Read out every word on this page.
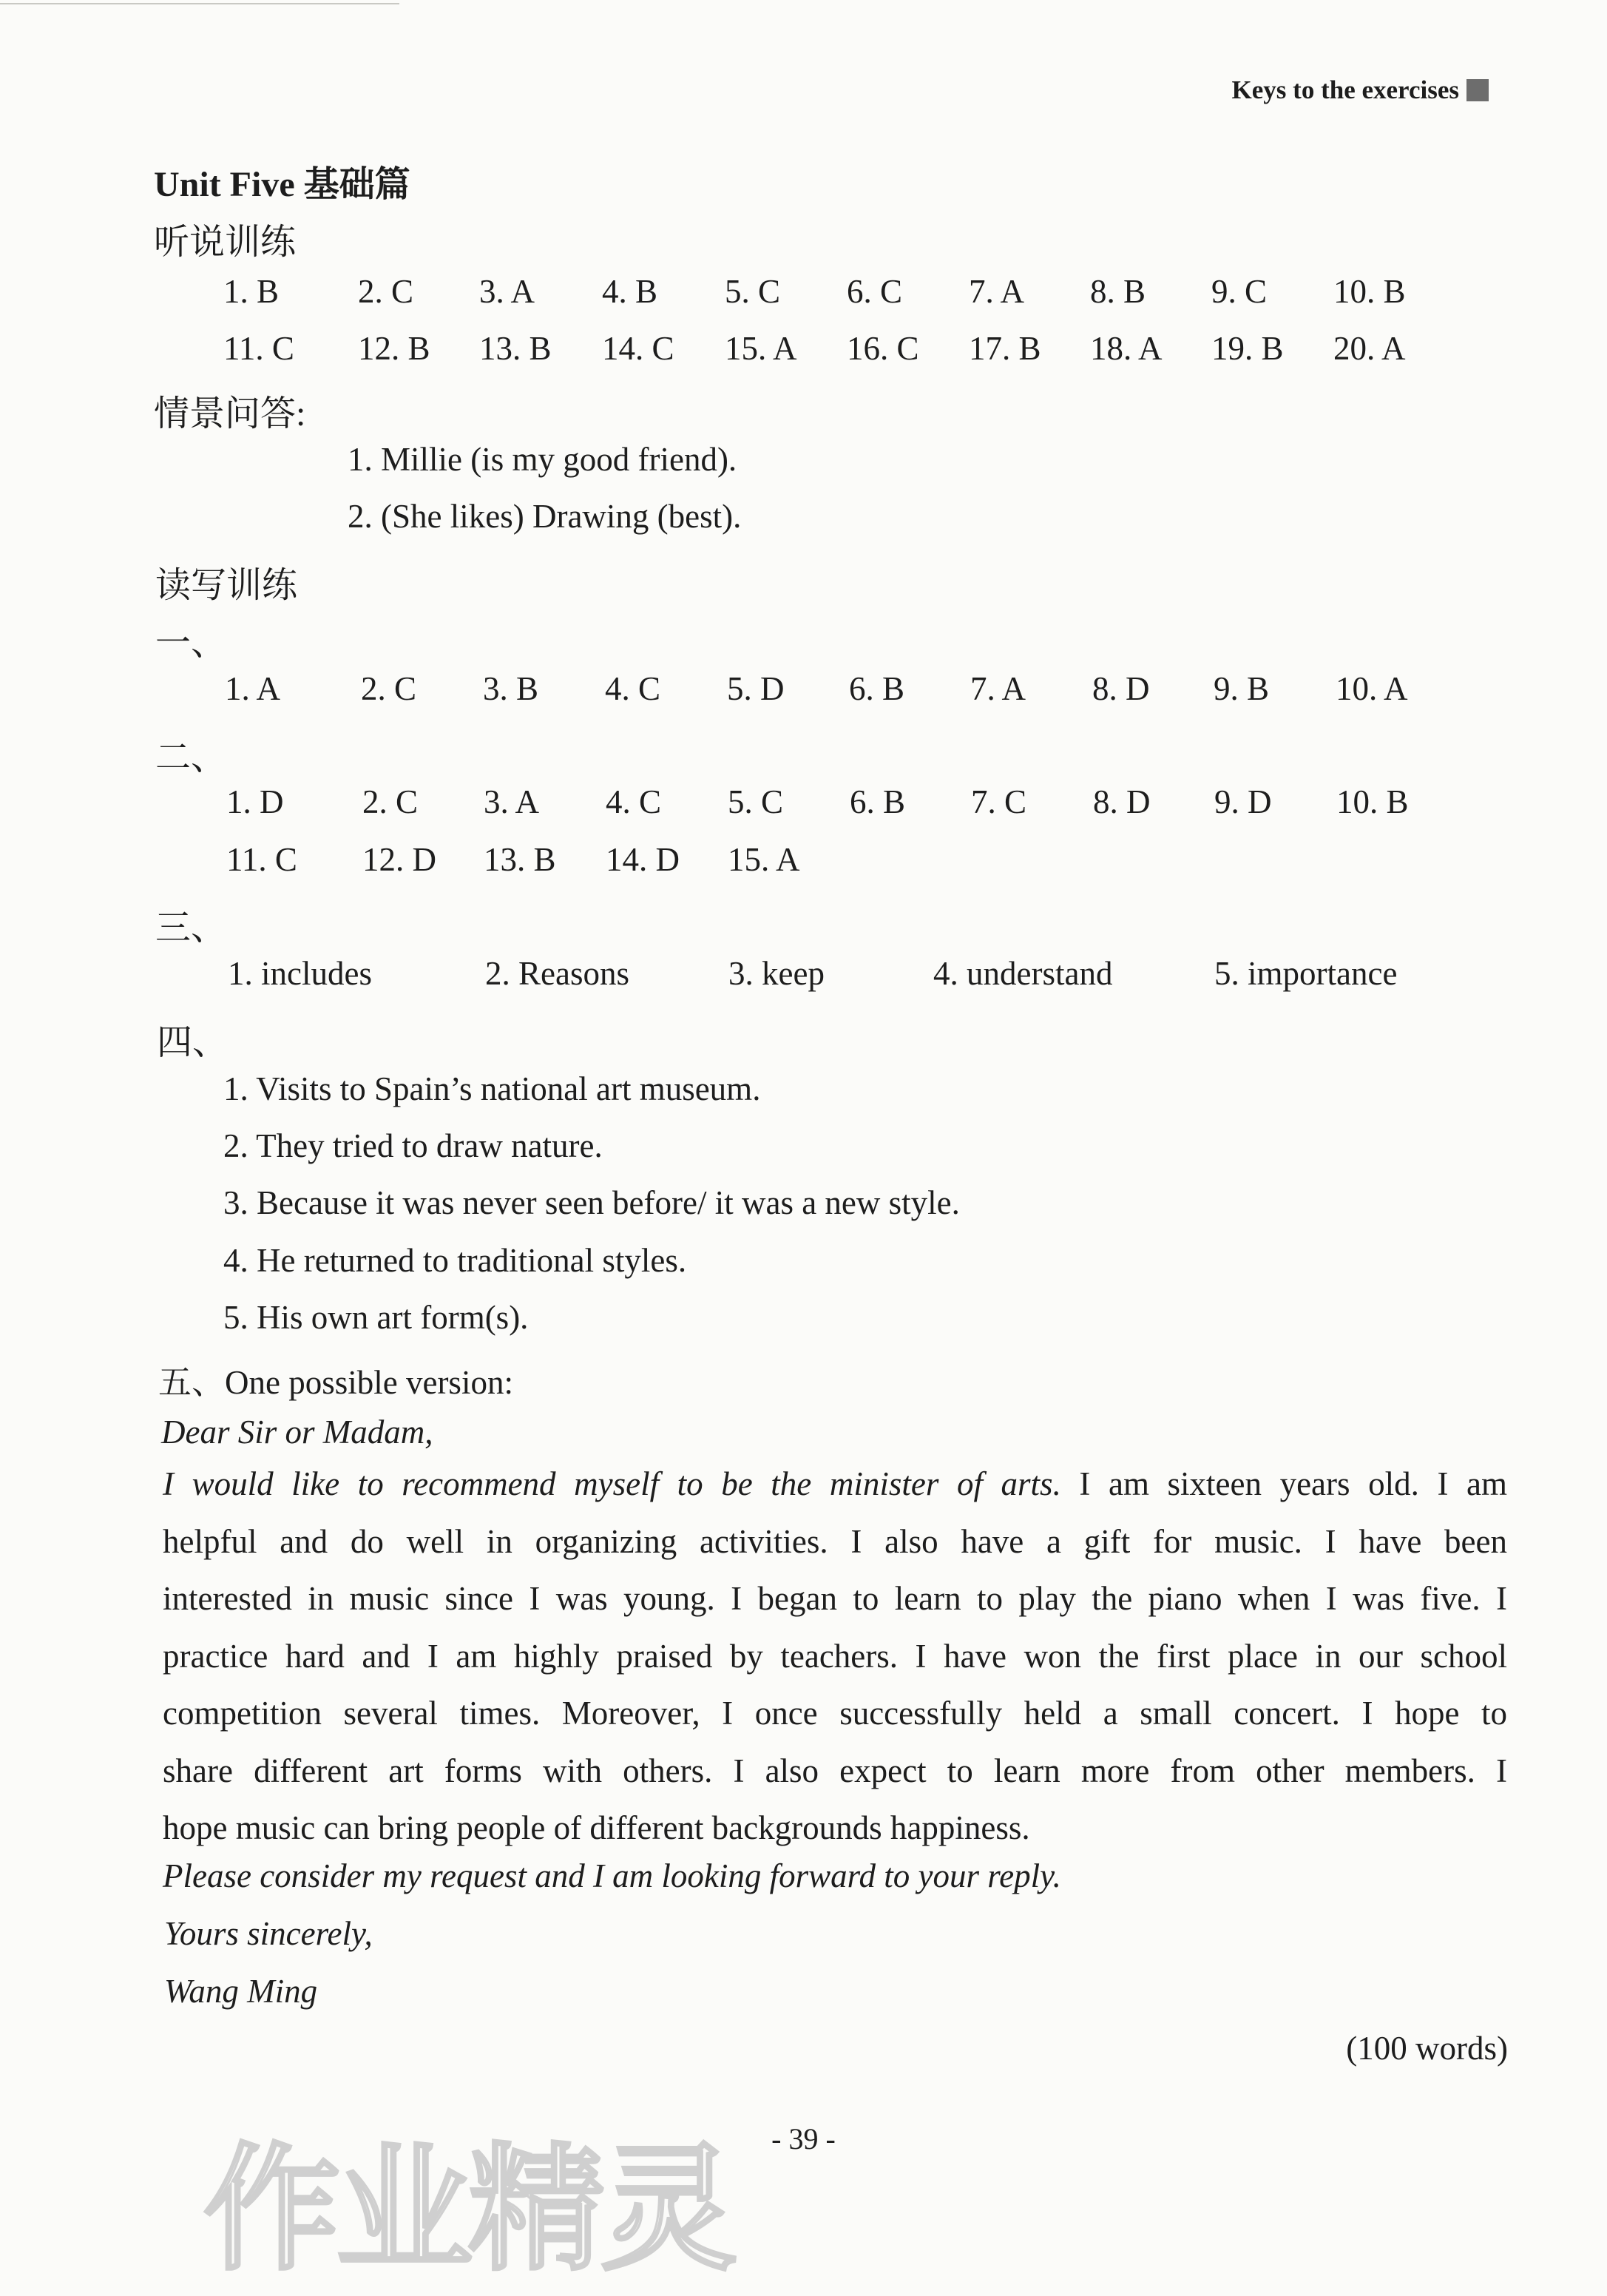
Keys to the exercises
Unit Five 基础篇
听说训练
1. B 2. C 3. A 4. B 5. C 6. C 7. A 8. B 9. C 10. B
11. C 12. B 13. B 14. C 15. A 16. C 17. B 18. A 19. B 20. A
情景问答:
1. Millie (is my good friend).
2. (She likes) Drawing (best).
读写训练
一、
1. A 2. C 3. B 4. C 5. D 6. B 7. A 8. D 9. B 10. A
二、
1. D 2. C 3. A 4. C 5. C 6. B 7. C 8. D 9. D 10. B
11. C 12. D 13. B 14. D 15. A
三、
1. includes	2. Reasons	3. keep	4. understand	5. importance
四、
1. Visits to Spain’s national art museum.
2. They tried to draw nature.
3. Because it was never seen before/ it was a new style.
4. He returned to traditional styles.
5. His own art form(s).
五、One possible version:
Dear Sir or Madam,
I would like to recommend myself to be the minister of arts. I am sixteen years old. I am
helpful and do well in organizing activities. I also have a gift for music. I have been
interested in music since I was young. I began to learn to play the piano when I was five. I
practice hard and I am highly praised by teachers. I have won the first place in our school
competition several times. Moreover, I once successfully held a small concert. I hope to
share different art forms with others. I also expect to learn more from other members. I
hope music can bring people of different backgrounds happiness.
Please consider my request and I am looking forward to your reply.
Yours sincerely,
Wang Ming
(100 words)
- 39 -
作业精灵
